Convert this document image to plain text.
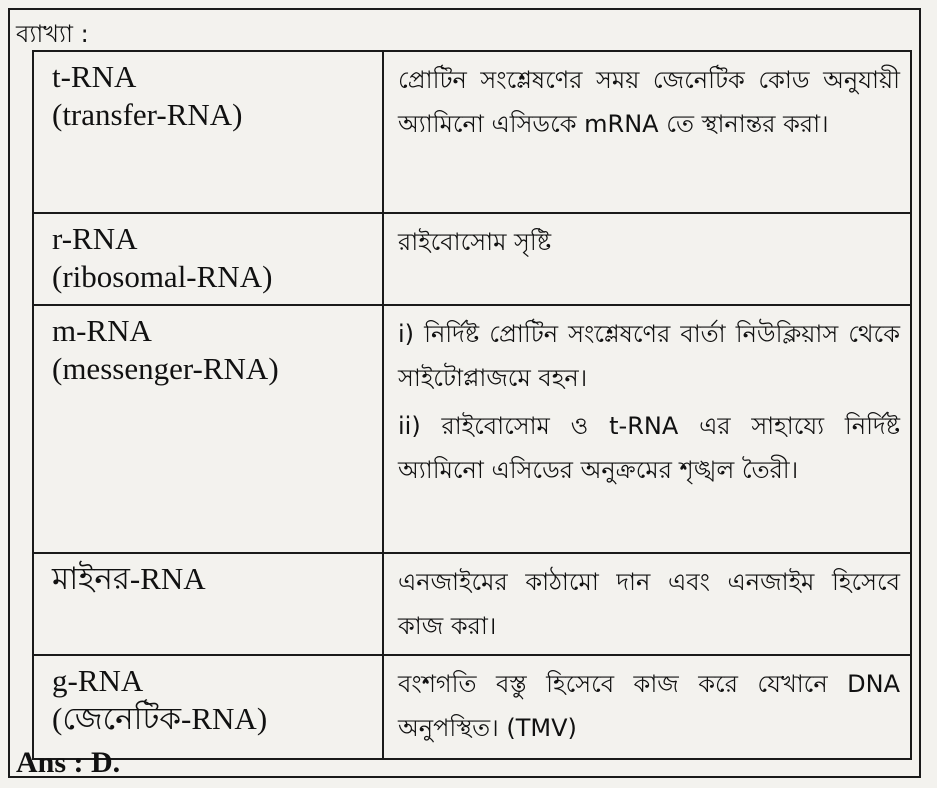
ব্যাখ্যা :
t-RNA
(transfer-RNA)	প্রোটিন সংশ্লেষণের সময় জেনেটিক কোড অনুযায়ী অ্যামিনো এসিডকে mRNA তে স্থানান্তর করা।

r-RNA
(ribosomal-RNA)	রাইবোসোম সৃষ্টি

m-RNA
(messenger-RNA)	i) নির্দিষ্ট প্রোটিন সংশ্লেষণের বার্তা নিউক্লিয়াস থেকে সাইটোপ্লাজমে বহন।
ii) রাইবোসোম ও t-RNA এর সাহায্যে নির্দিষ্ট অ্যামিনো এসিডের অনুক্রমের শৃঙ্খল তৈরী।

মাইনর-RNA	এনজাইমের কাঠামো দান এবং এনজাইম হিসেবে কাজ করা।

g-RNA
(জেনেটিক-RNA)	বংশগতি বস্তু হিসেবে কাজ করে যেখানে DNA অনুপস্থিত। (TMV)
Ans : D.
